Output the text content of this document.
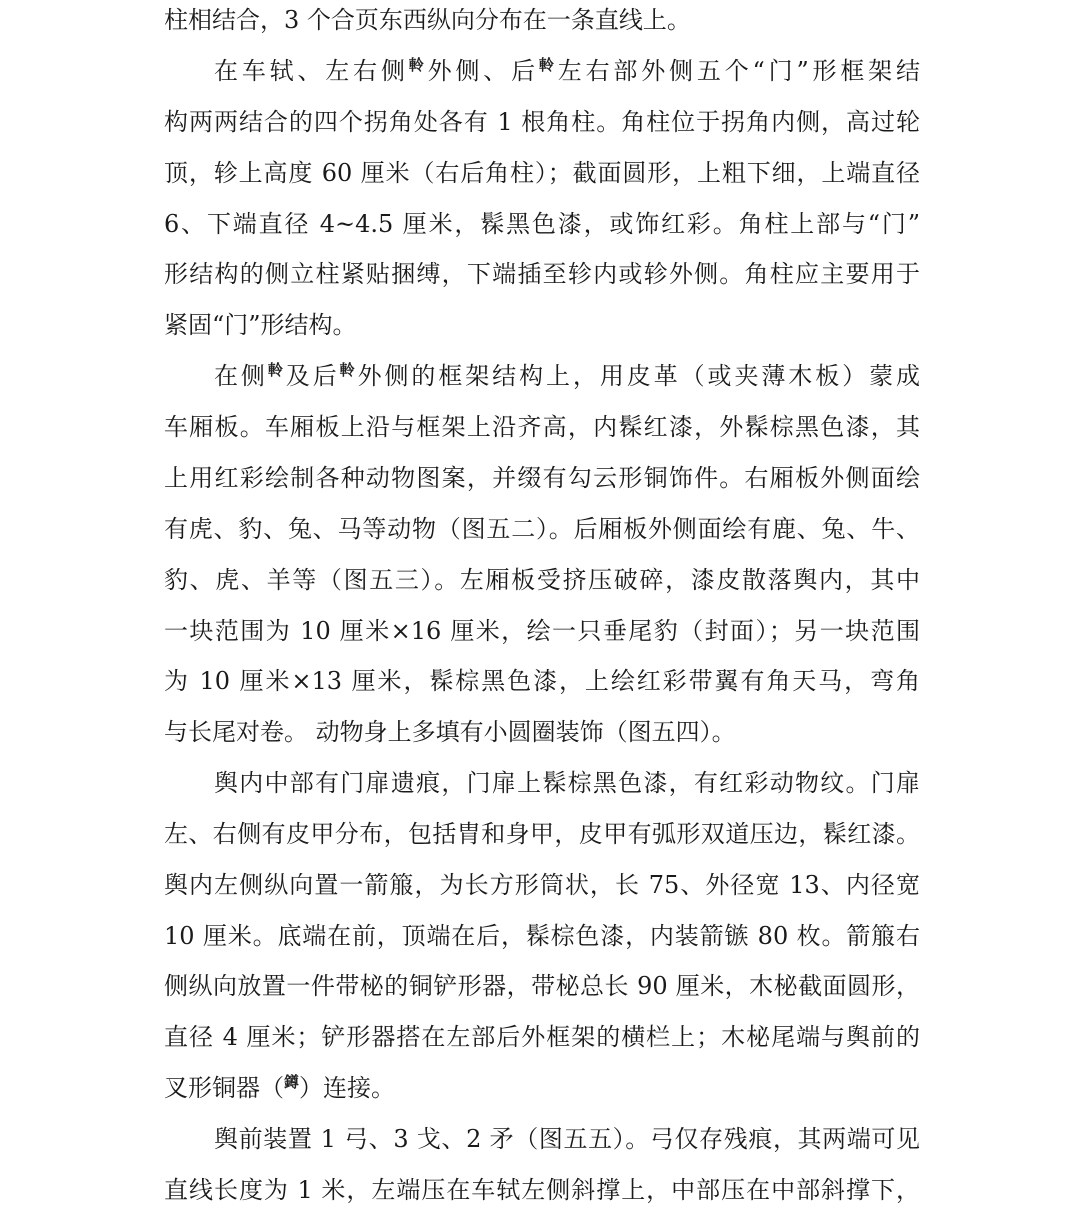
柱相结合，3 个合页东西纵向分布在一条直线上。
在车轼、左右侧軨外侧、后軨左右部外侧五个“门”形框架结
构两两结合的四个拐角处各有 1 根角柱。角柱位于拐角内侧，高过轮
顶，轸上高度 60 厘米（右后角柱）；截面圆形，上粗下细，上端直径
6、下端直径 4~4.5 厘米，髹黑色漆，或饰红彩。角柱上部与“门”
形结构的侧立柱紧贴捆缚，下端插至轸内或轸外侧。角柱应主要用于
紧固“门”形结构。
在侧軨及后軨外侧的框架结构上，用皮革（或夹薄木板）蒙成
车厢板。车厢板上沿与框架上沿齐高，内髹红漆，外髹棕黑色漆，其
上用红彩绘制各种动物图案，并缀有勾云形铜饰件。右厢板外侧面绘
有虎、豹、兔、马等动物（图五二）。后厢板外侧面绘有鹿、兔、牛、
豹、虎、羊等（图五三）。左厢板受挤压破碎，漆皮散落舆内，其中
一块范围为 10 厘米×16 厘米，绘一只垂尾豹（封面）；另一块范围
为 10 厘米×13 厘米，髹棕黑色漆，上绘红彩带翼有角天马，弯角
与长尾对卷。 动物身上多填有小圆圈装饰（图五四）。
舆内中部有门扉遗痕，门扉上髹棕黑色漆，有红彩动物纹。门扉
左、右侧有皮甲分布，包括胄和身甲，皮甲有弧形双道压边，髹红漆。
舆内左侧纵向置一箭箙，为长方形筒状，长 75、外径宽 13、内径宽
10 厘米。底端在前，顶端在后，髹棕色漆，内装箭镞 80 枚。箭箙右
侧纵向放置一件带柲的铜铲形器，带柲总长 90 厘米，木柲截面圆形，
直径 4 厘米；铲形器搭在左部后外框架的横栏上；木柲尾端与舆前的
叉形铜器（鐏）连接。
舆前装置 1 弓、3 戈、2 矛（图五五）。弓仅存残痕，其两端可见
直线长度为 1 米，左端压在车轼左侧斜撑上，中部压在中部斜撑下，
